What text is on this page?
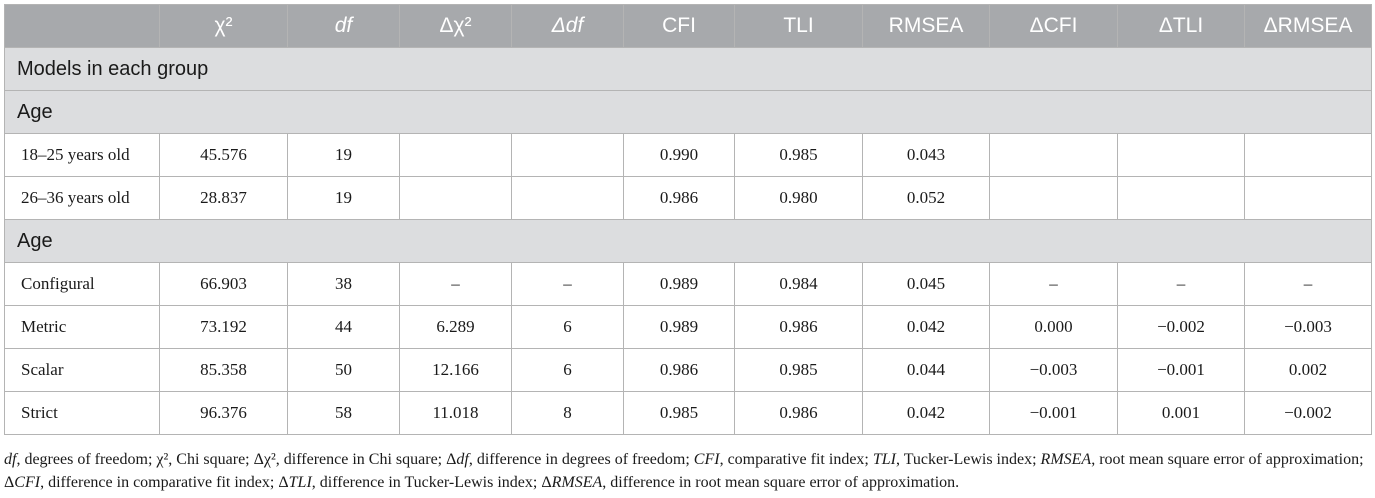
	χ²	df	Δχ²	Δdf	CFI	TLI	RMSEA	ΔCFI	ΔTLI	ΔRMSEA
Models in each group										
Age										
18–25 years old	45.576	19			0.990	0.985	0.043			
26–36 years old	28.837	19			0.986	0.980	0.052			
Age										
Configural	66.903	38	–	–	0.989	0.984	0.045	–	–	–
Metric	73.192	44	6.289	6	0.989	0.986	0.042	0.000	−0.002	−0.003
Scalar	85.358	50	12.166	6	0.986	0.985	0.044	−0.003	−0.001	0.002
Strict	96.376	58	11.018	8	0.985	0.986	0.042	−0.001	0.001	−0.002
df, degrees of freedom; χ², Chi square; Δχ², difference in Chi square; Δdf, difference in degrees of freedom; CFI, comparative fit index; TLI, Tucker-Lewis index; RMSEA, root mean square error of approximation; ΔCFI, difference in comparative fit index; ΔTLI, difference in Tucker-Lewis index; ΔRMSEA, difference in root mean square error of approximation.
